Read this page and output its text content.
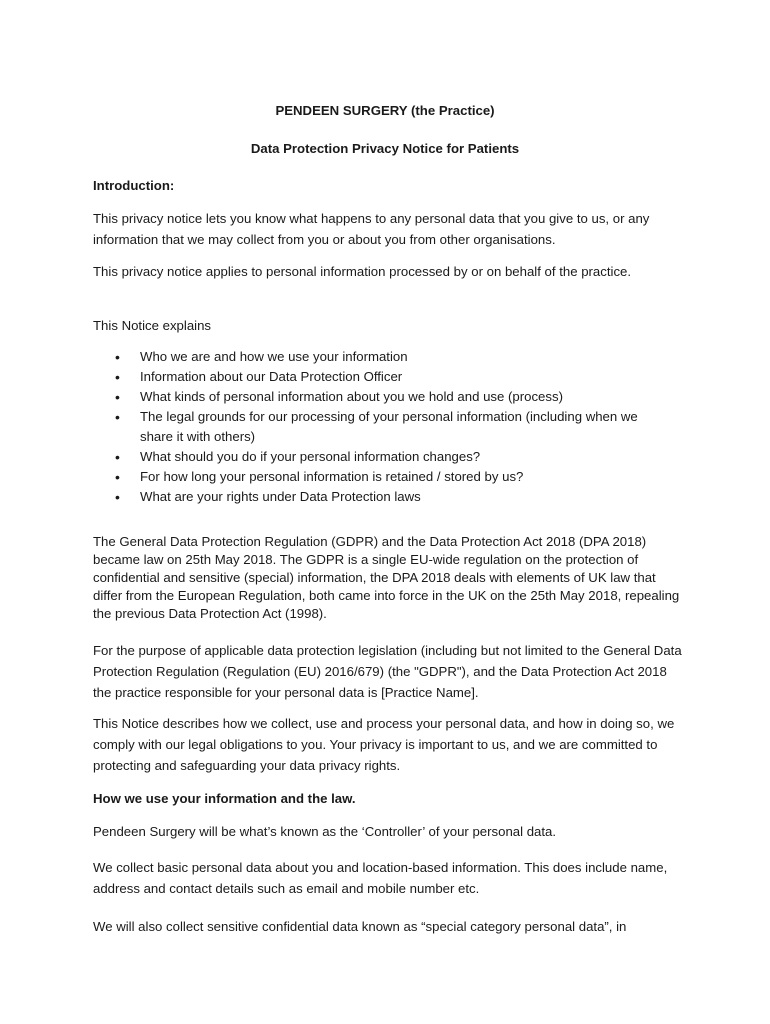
PENDEEN SURGERY (the Practice)

Data Protection Privacy Notice for Patients

Introduction:

This privacy notice lets you know what happens to any personal data that you give to us, or any information that we may collect from you or about you from other organisations.

This privacy notice applies to personal information processed by or on behalf of the practice.

This Notice explains

• Who we are and how we use your information
• Information about our Data Protection Officer
• What kinds of personal information about you we hold and use (process)
• The legal grounds for our processing of your personal information (including when we share it with others)
• What should you do if your personal information changes?
• For how long your personal information is retained / stored by us?
• What are your rights under Data Protection laws

The General Data Protection Regulation (GDPR) and the Data Protection Act 2018 (DPA 2018) became law on 25th May 2018. The GDPR is a single EU-wide regulation on the protection of confidential and sensitive (special) information, the DPA 2018 deals with elements of UK law that differ from the European Regulation, both came into force in the UK on the 25th May 2018, repealing the previous Data Protection Act (1998).

For the purpose of applicable data protection legislation (including but not limited to the General Data Protection Regulation (Regulation (EU) 2016/679) (the "GDPR"), and the Data Protection Act 2018 the practice responsible for your personal data is [Practice Name].

This Notice describes how we collect, use and process your personal data, and how in doing so, we comply with our legal obligations to you. Your privacy is important to us, and we are committed to protecting and safeguarding your data privacy rights.

How we use your information and the law.

Pendeen Surgery will be what’s known as the ‘Controller’ of your personal data.

We collect basic personal data about you and location-based information. This does include name, address and contact details such as email and mobile number etc.

We will also collect sensitive confidential data known as “special category personal data”, in
